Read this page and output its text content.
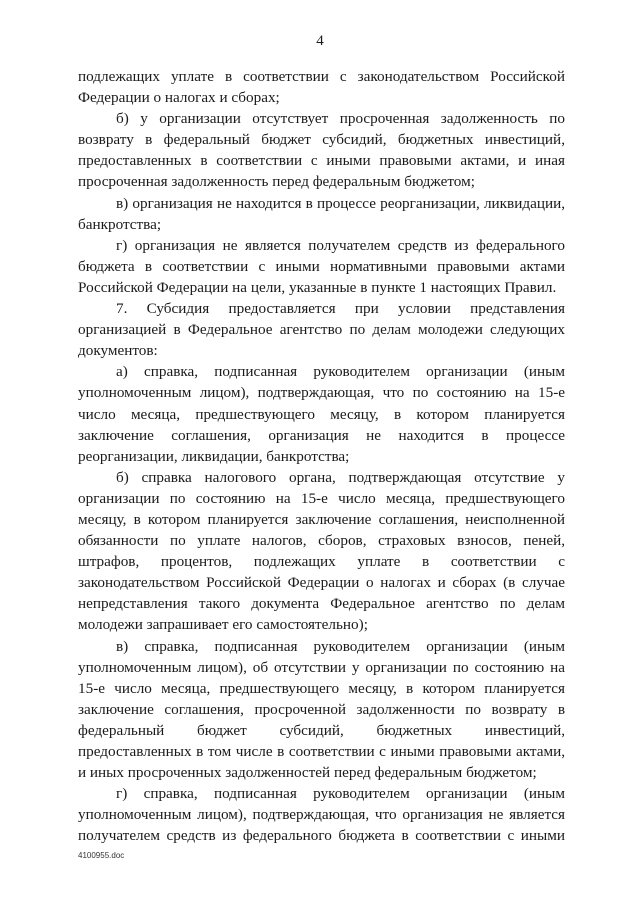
4

подлежащих уплате в соответствии с законодательством Российской Федерации о налогах и сборах;

б) у организации отсутствует просроченная задолженность по возврату в федеральный бюджет субсидий, бюджетных инвестиций, предоставленных в соответствии с иными правовыми актами, и иная просроченная задолженность перед федеральным бюджетом;

в) организация не находится в процессе реорганизации, ликвидации, банкротства;

г) организация не является получателем средств из федерального бюджета в соответствии с иными нормативными правовыми актами Российской Федерации на цели, указанные в пункте 1 настоящих Правил.

7. Субсидия предоставляется при условии представления организацией в Федеральное агентство по делам молодежи следующих документов:

а) справка, подписанная руководителем организации (иным уполномоченным лицом), подтверждающая, что по состоянию на 15-е число месяца, предшествующего месяцу, в котором планируется заключение соглашения, организация не находится в процессе реорганизации, ликвидации, банкротства;

б) справка налогового органа, подтверждающая отсутствие у организации по состоянию на 15-е число месяца, предшествующего месяцу, в котором планируется заключение соглашения, неисполненной обязанности по уплате налогов, сборов, страховых взносов, пеней, штрафов, процентов, подлежащих уплате в соответствии с законодательством Российской Федерации о налогах и сборах (в случае непредставления такого документа Федеральное агентство по делам молодежи запрашивает его самостоятельно);

в) справка, подписанная руководителем организации (иным уполномоченным лицом), об отсутствии у организации по состоянию на 15-е число месяца, предшествующего месяцу, в котором планируется заключение соглашения, просроченной задолженности по возврату в федеральный бюджет субсидий, бюджетных инвестиций, предоставленных в том числе в соответствии с иными правовыми актами, и иных просроченных задолженностей перед федеральным бюджетом;

г) справка, подписанная руководителем организации (иным уполномоченным лицом), подтверждающая, что организация не является получателем средств из федерального бюджета в соответствии с иными

4100955.doc
